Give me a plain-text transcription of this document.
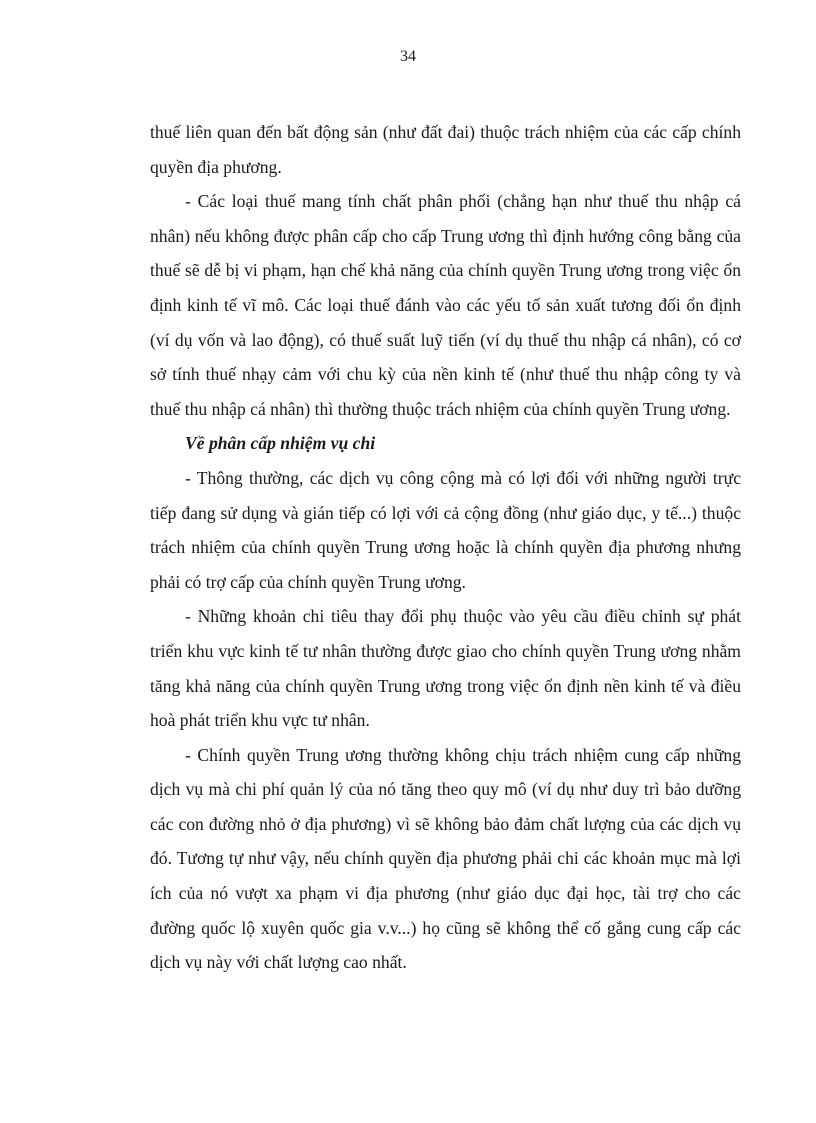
34

thuế liên quan đến bất động sản (như đất đai) thuộc trách nhiệm của các cấp chính quyền địa phương.

- Các loại thuế mang tính chất phân phối (chẳng hạn như thuế thu nhập cá nhân) nếu không được phân cấp cho cấp Trung ương thì định hướng công bằng của thuế sẽ dễ bị vi phạm, hạn chế khả năng của chính quyền Trung ương trong việc ổn định kinh tế vĩ mô. Các loại thuế đánh vào các yếu tố sản xuất tương đối ổn định (ví dụ vốn và lao động), có thuế suất luỹ tiến (ví dụ thuế thu nhập cá nhân), có cơ sở tính thuế nhạy cảm với chu kỳ của nền kinh tế (như thuế thu nhập công ty và thuế thu nhập cá nhân) thì thường thuộc trách nhiệm của chính quyền Trung ương.

Về phân cấp nhiệm vụ chi

- Thông thường, các dịch vụ công cộng mà có lợi đối với những người trực tiếp đang sử dụng và gián tiếp có lợi với cả cộng đồng (như giáo dục, y tế...) thuộc trách nhiệm của chính quyền Trung ương hoặc là chính quyền địa phương nhưng phải có trợ cấp của chính quyền Trung ương.

- Những khoản chi tiêu thay đổi phụ thuộc vào yêu cầu điều chỉnh sự phát triển khu vực kinh tế tư nhân thường được giao cho chính quyền Trung ương nhằm tăng khả năng của chính quyền Trung ương trong việc ổn định nền kinh tế và điều hoà phát triển khu vực tư nhân.

- Chính quyền Trung ương thường không chịu trách nhiệm cung cấp những dịch vụ mà chi phí quản lý của nó tăng theo quy mô (ví dụ như duy trì bảo dưỡng các con đường nhỏ ở địa phương) vì sẽ không bảo đảm chất lượng của các dịch vụ đó. Tương tự như vậy, nếu chính quyền địa phương phải chi các khoản mục mà lợi ích của nó vượt xa phạm vi địa phương (như giáo dục đại học, tài trợ cho các đường quốc lộ xuyên quốc gia v.v...) họ cũng sẽ không thể cố gắng cung cấp các dịch vụ này với chất lượng cao nhất.
